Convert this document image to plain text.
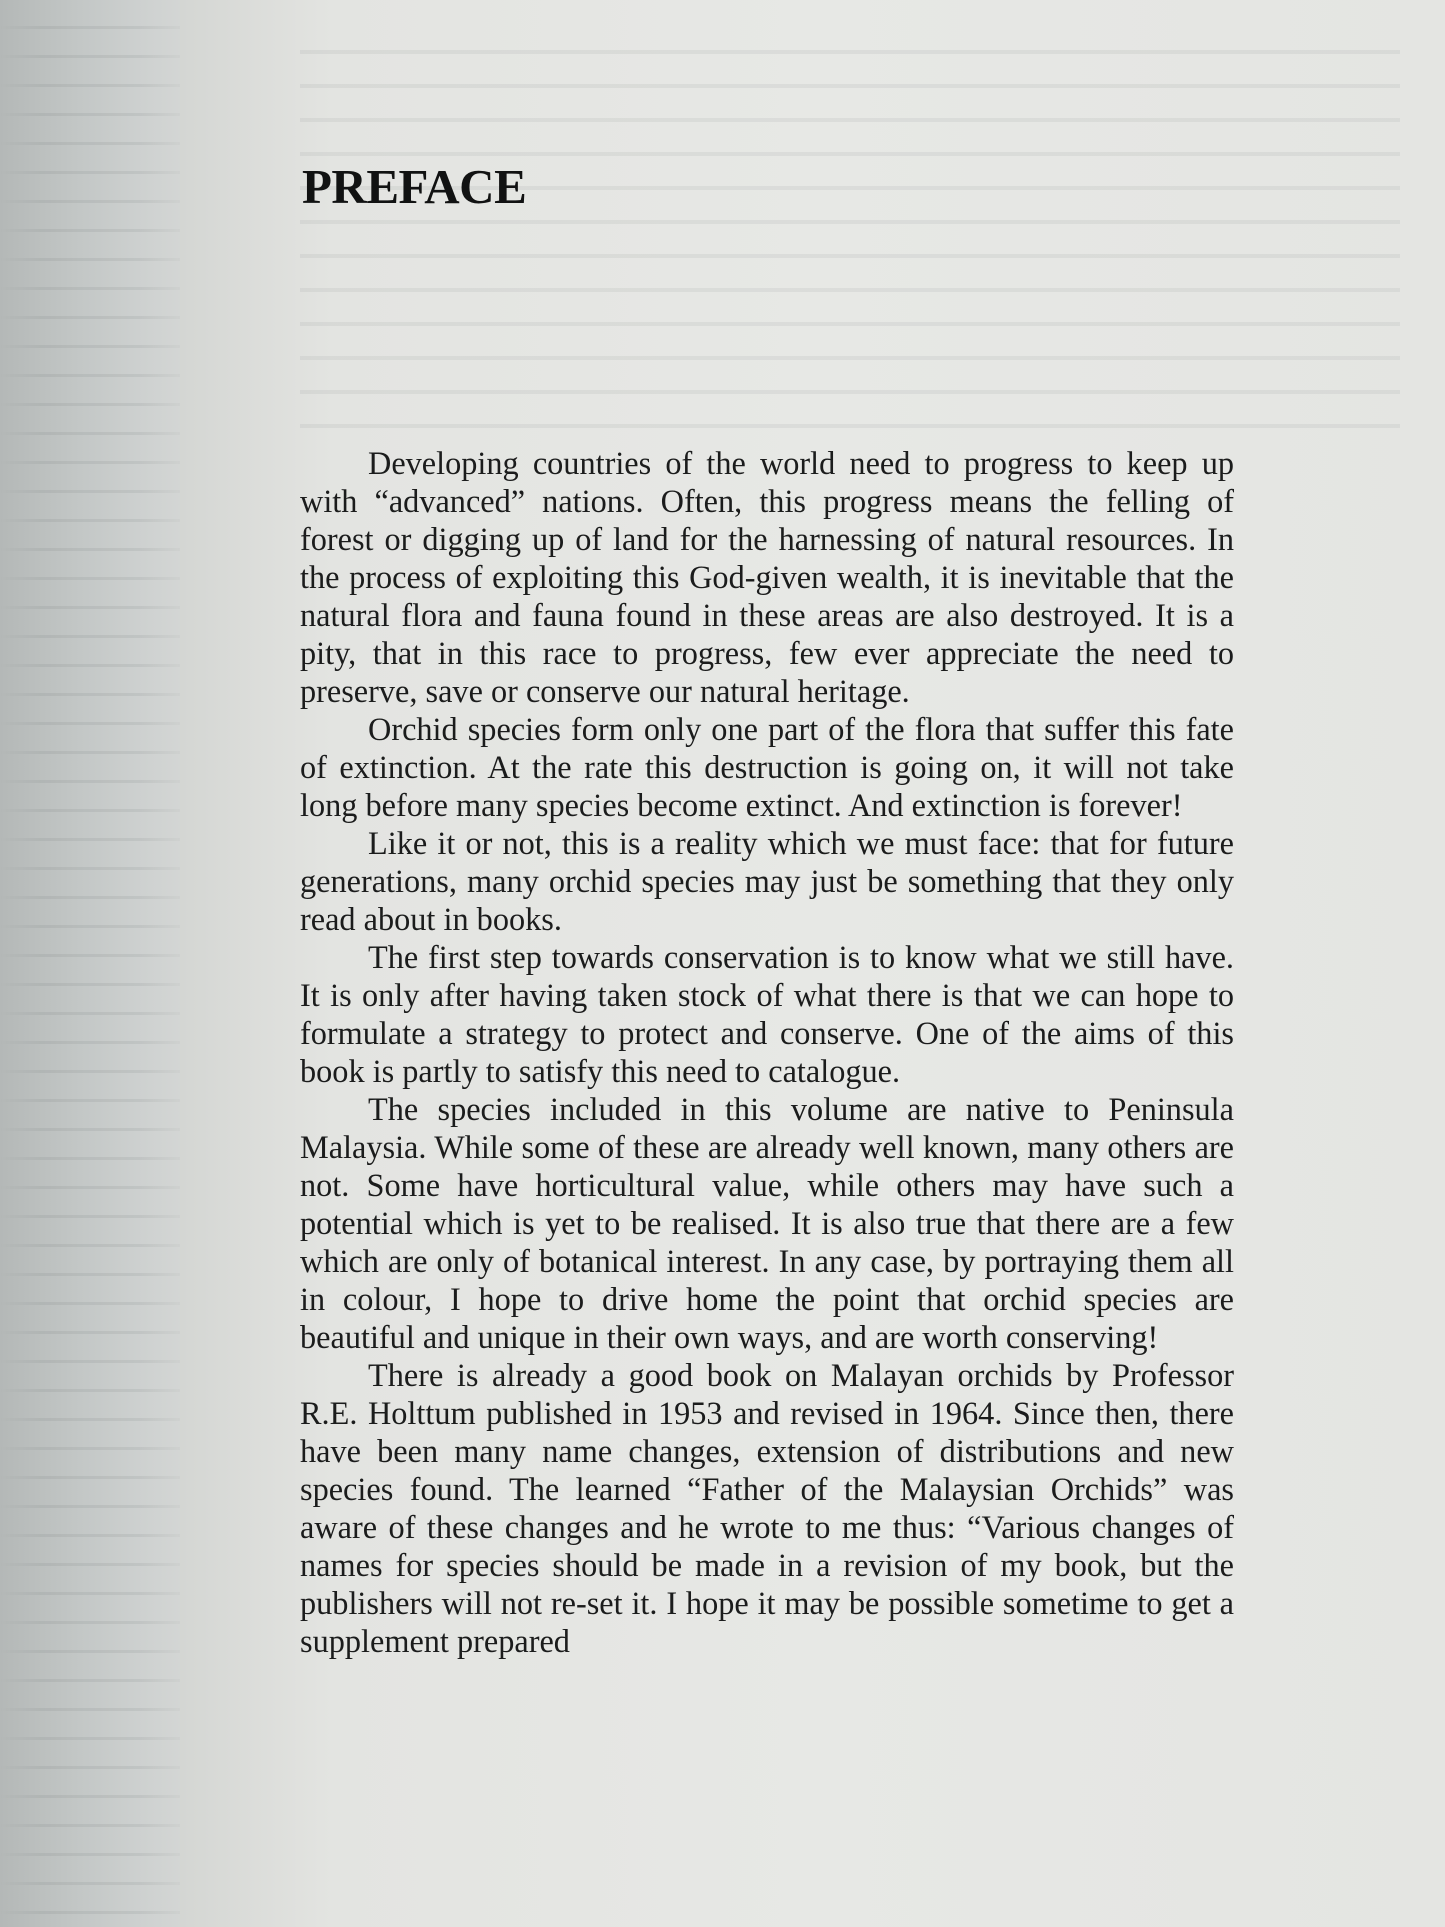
PREFACE

Developing countries of the world need to progress to keep up with “advanced” nations. Often, this progress means the felling of forest or digging up of land for the harnessing of natural resources. In the process of exploiting this God-given wealth, it is inevitable that the natural flora and fauna found in these areas are also destroyed. It is a pity, that in this race to progress, few ever appreciate the need to preserve, save or conserve our natural heritage.

Orchid species form only one part of the flora that suffer this fate of extinction. At the rate this destruction is going on, it will not take long before many species become extinct. And extinction is forever!

Like it or not, this is a reality which we must face: that for future generations, many orchid species may just be something that they only read about in books.

The first step towards conservation is to know what we still have. It is only after having taken stock of what there is that we can hope to formulate a strategy to protect and conserve. One of the aims of this book is partly to satisfy this need to catalogue.

The species included in this volume are native to Peninsula Malaysia. While some of these are already well known, many others are not. Some have horticultural value, while others may have such a potential which is yet to be realised. It is also true that there are a few which are only of botanical interest. In any case, by portraying them all in colour, I hope to drive home the point that orchid species are beautiful and unique in their own ways, and are worth conserving!

There is already a good book on Malayan orchids by Professor R.E. Holttum published in 1953 and revised in 1964. Since then, there have been many name changes, extension of distributions and new species found. The learned “Father of the Malaysian Orchids” was aware of these changes and he wrote to me thus: “Various changes of names for species should be made in a revision of my book, but the publishers will not re-set it. I hope it may be possible sometime to get a supplement prepared
